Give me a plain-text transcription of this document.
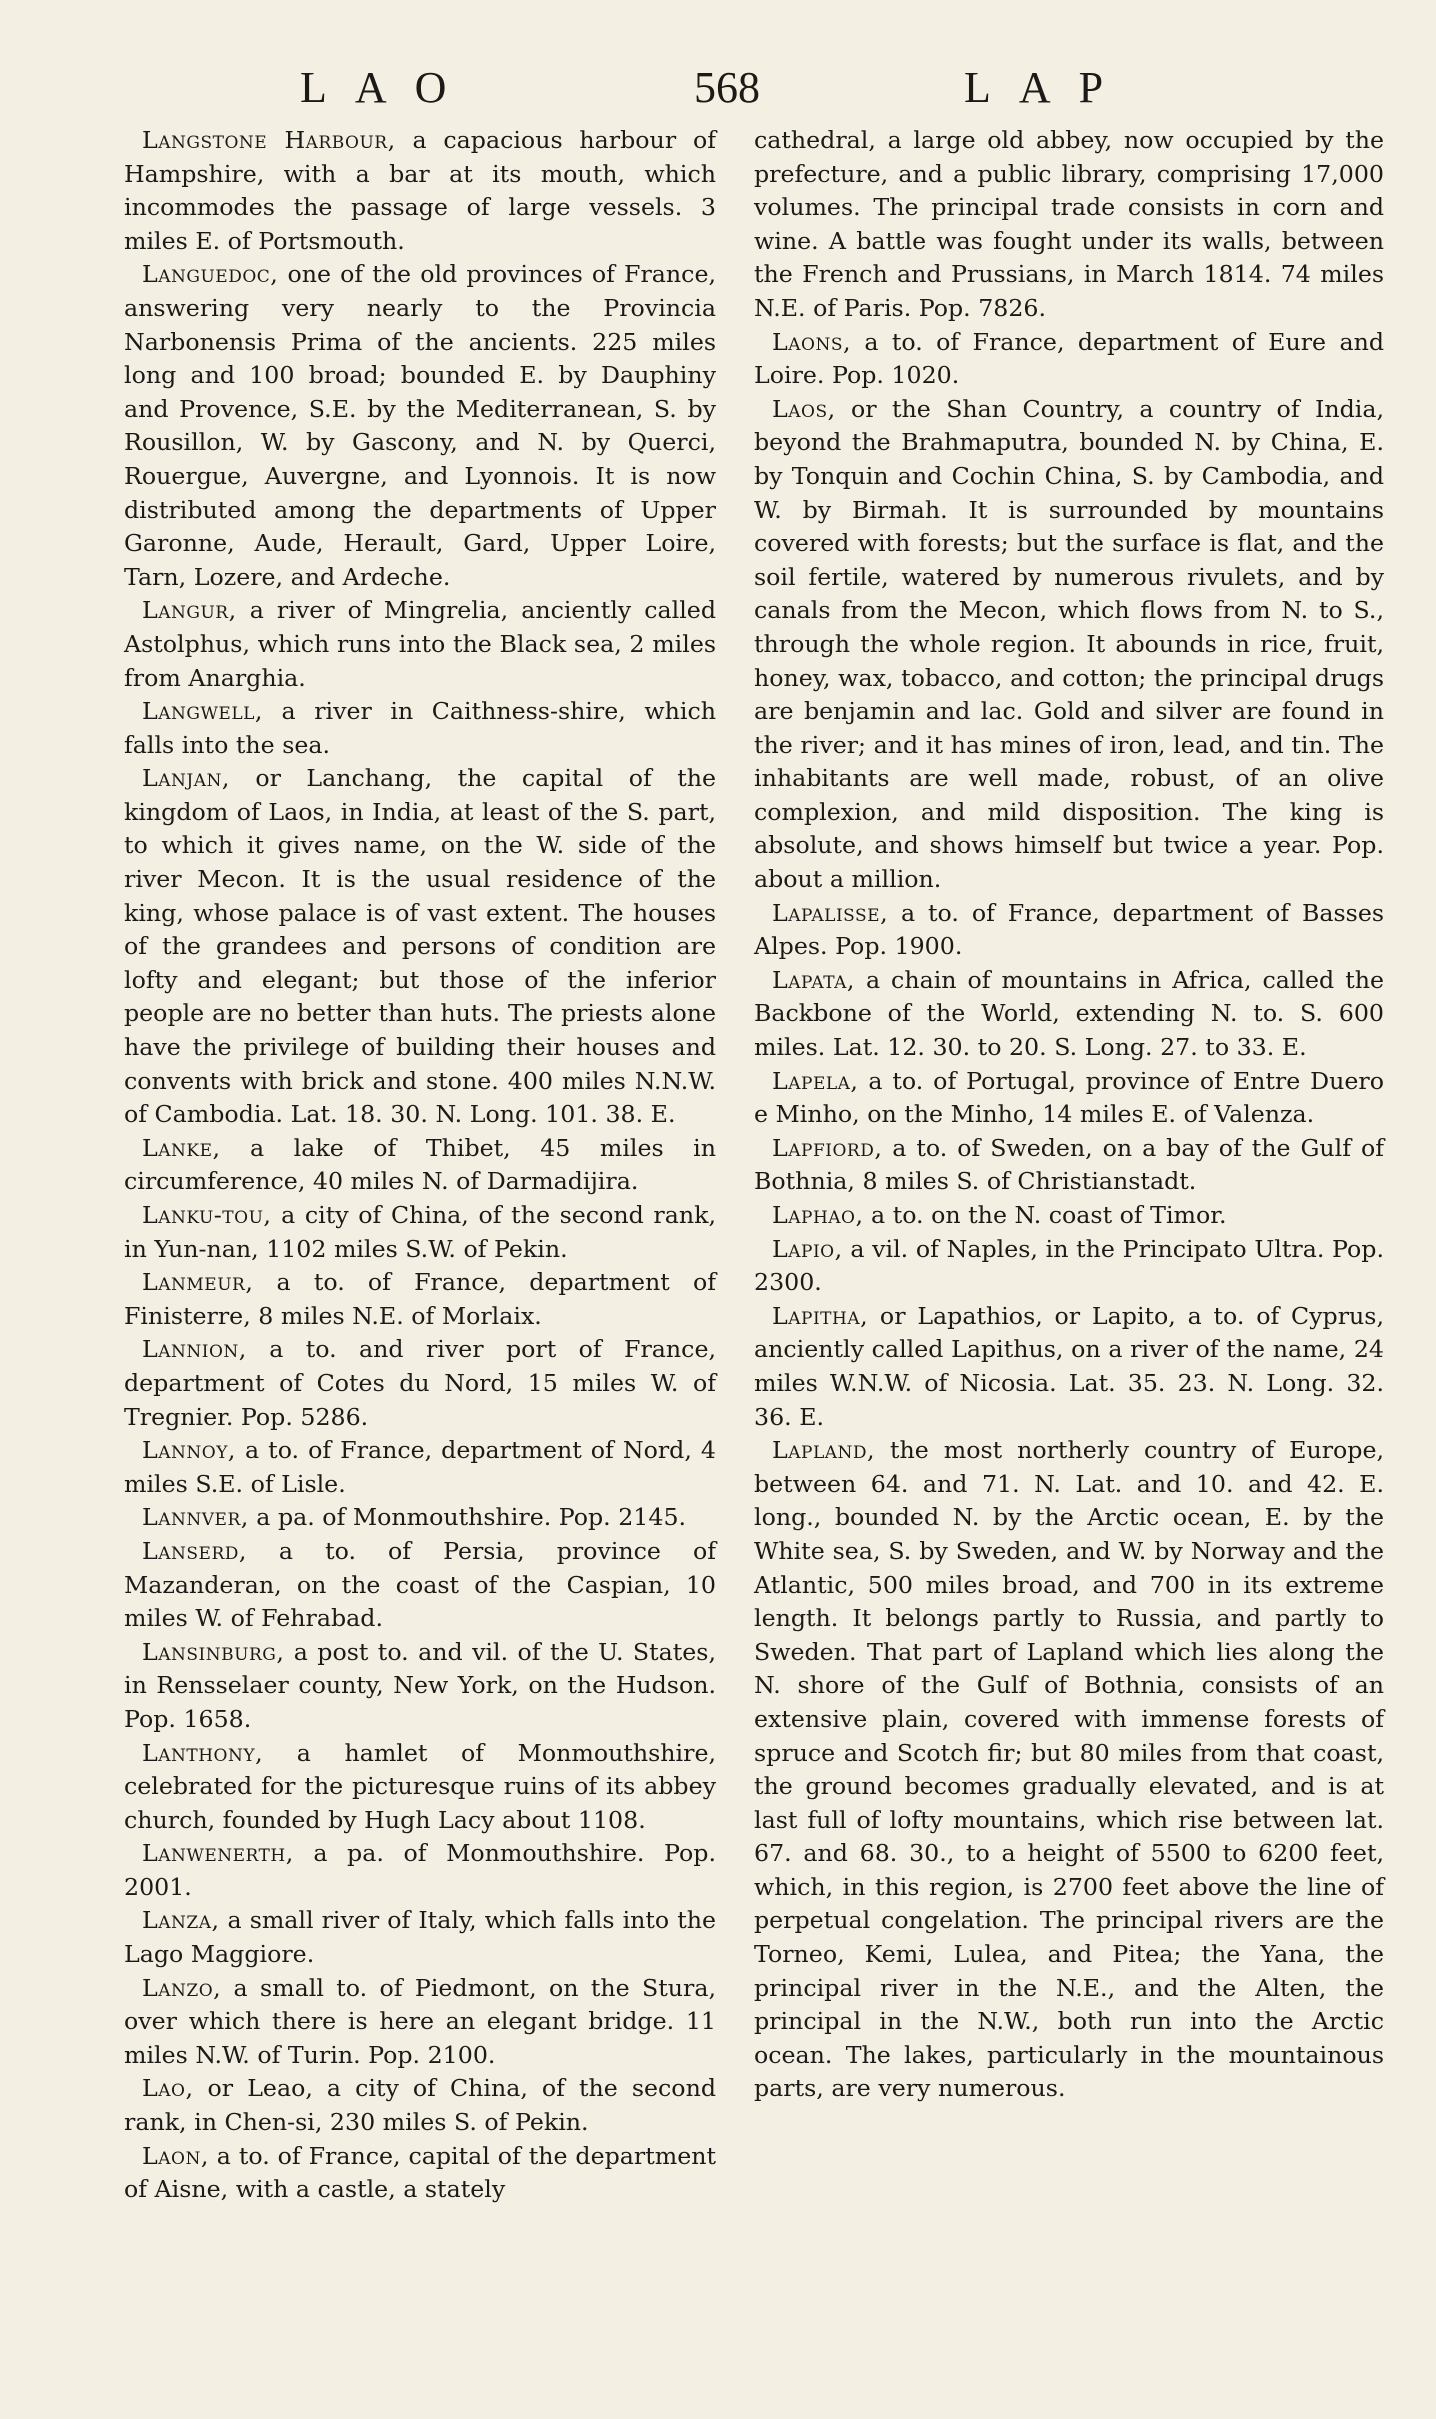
LAO	568	LAP

Langstone Harbour, a capacious harbour of Hampshire, with a bar at its mouth, which incommodes the passage of large vessels. 3 miles E. of Portsmouth.

Languedoc, one of the old provinces of France, answering very nearly to the Provincia Narbonensis Prima of the ancients. 225 miles long and 100 broad; bounded E. by Dauphiny and Provence, S.E. by the Mediterranean, S. by Rousillon, W. by Gascony, and N. by Querci, Rouergue, Auvergne, and Lyonnois. It is now distributed among the departments of Upper Garonne, Aude, Herault, Gard, Upper Loire, Tarn, Lozere, and Ardeche.

Langur, a river of Mingrelia, anciently called Astolphus, which runs into the Black sea, 2 miles from Anarghia.

Langwell, a river in Caithness-shire, which falls into the sea.

Lanjan, or Lanchang, the capital of the kingdom of Laos, in India, at least of the S. part, to which it gives name, on the W. side of the river Mecon. It is the usual residence of the king, whose palace is of vast extent. The houses of the grandees and persons of condition are lofty and elegant; but those of the inferior people are no better than huts. The priests alone have the privilege of building their houses and convents with brick and stone. 400 miles N.N.W. of Cambodia. Lat. 18. 30. N. Long. 101. 38. E.

Lanke, a lake of Thibet, 45 miles in circumference, 40 miles N. of Darmadijira.

Lanku-tou, a city of China, of the second rank, in Yun-nan, 1102 miles S.W. of Pekin.

Lanmeur, a to. of France, department of Finisterre, 8 miles N.E. of Morlaix.

Lannion, a to. and river port of France, department of Cotes du Nord, 15 miles W. of Tregnier. Pop. 5286.

Lannoy, a to. of France, department of Nord, 4 miles S.E. of Lisle.

Lannver, a pa. of Monmouthshire. Pop. 2145.

Lanserd, a to. of Persia, province of Mazanderan, on the coast of the Caspian, 10 miles W. of Fehrabad.

Lansinburg, a post to. and vil. of the U. States, in Rensselaer county, New York, on the Hudson. Pop. 1658.

Lanthony, a hamlet of Monmouthshire, celebrated for the picturesque ruins of its abbey church, founded by Hugh Lacy about 1108.

Lanwenerth, a pa. of Monmouthshire. Pop. 2001.

Lanza, a small river of Italy, which falls into the Lago Maggiore.

Lanzo, a small to. of Piedmont, on the Stura, over which there is here an elegant bridge. 11 miles N.W. of Turin. Pop. 2100.

Lao, or Leao, a city of China, of the second rank, in Chen-si, 230 miles S. of Pekin.

Laon, a to. of France, capital of the department of Aisne, with a castle, a stately

cathedral, a large old abbey, now occupied by the prefecture, and a public library, comprising 17,000 volumes. The principal trade consists in corn and wine. A battle was fought under its walls, between the French and Prussians, in March 1814. 74 miles N.E. of Paris. Pop. 7826.

Laons, a to. of France, department of Eure and Loire. Pop. 1020.

Laos, or the Shan Country, a country of India, beyond the Brahmaputra, bounded N. by China, E. by Tonquin and Cochin China, S. by Cambodia, and W. by Birmah. It is surrounded by mountains covered with forests; but the surface is flat, and the soil fertile, watered by numerous rivulets, and by canals from the Mecon, which flows from N. to S., through the whole region. It abounds in rice, fruit, honey, wax, tobacco, and cotton; the principal drugs are benjamin and lac. Gold and silver are found in the river; and it has mines of iron, lead, and tin. The inhabitants are well made, robust, of an olive complexion, and mild disposition. The king is absolute, and shows himself but twice a year. Pop. about a million.

Lapalisse, a to. of France, department of Basses Alpes. Pop. 1900.

Lapata, a chain of mountains in Africa, called the Backbone of the World, extending N. to. S. 600 miles. Lat. 12. 30. to 20. S. Long. 27. to 33. E.

Lapela, a to. of Portugal, province of Entre Duero e Minho, on the Minho, 14 miles E. of Valenza.

Lapfiord, a to. of Sweden, on a bay of the Gulf of Bothnia, 8 miles S. of Christianstadt.

Laphao, a to. on the N. coast of Timor.

Lapio, a vil. of Naples, in the Principato Ultra. Pop. 2300.

Lapitha, or Lapathios, or Lapito, a to. of Cyprus, anciently called Lapithus, on a river of the name, 24 miles W.N.W. of Nicosia. Lat. 35. 23. N. Long. 32. 36. E.

Lapland, the most northerly country of Europe, between 64. and 71. N. Lat. and 10. and 42. E. long., bounded N. by the Arctic ocean, E. by the White sea, S. by Sweden, and W. by Norway and the Atlantic, 500 miles broad, and 700 in its extreme length. It belongs partly to Russia, and partly to Sweden. That part of Lapland which lies along the N. shore of the Gulf of Bothnia, consists of an extensive plain, covered with immense forests of spruce and Scotch fir; but 80 miles from that coast, the ground becomes gradually elevated, and is at last full of lofty mountains, which rise between lat. 67. and 68. 30., to a height of 5500 to 6200 feet, which, in this region, is 2700 feet above the line of perpetual congelation. The principal rivers are the Torneo, Kemi, Lulea, and Pitea; the Yana, the principal river in the N.E., and the Alten, the principal in the N.W., both run into the Arctic ocean. The lakes, particularly in the mountainous parts, are very numerous.
